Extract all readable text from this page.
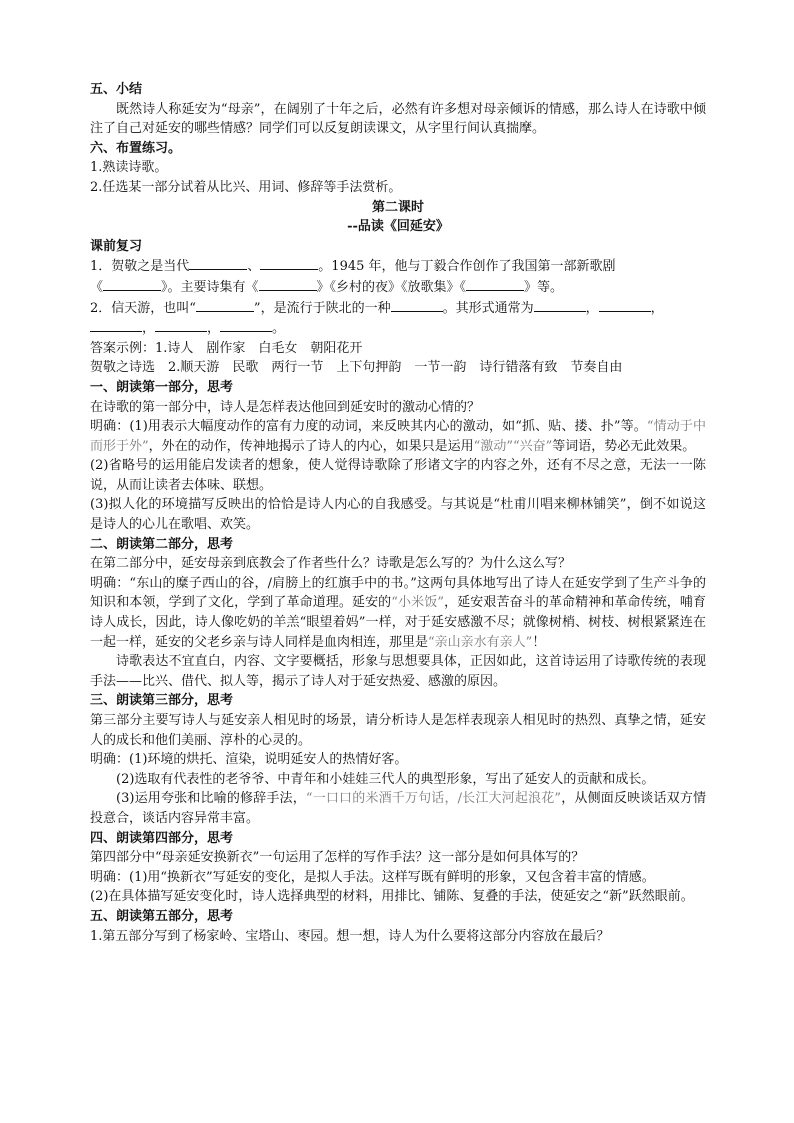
五、小结
既然诗人称延安为“母亲”，在阔别了十年之后，必然有许多想对母亲倾诉的情感，那么诗人在诗歌中倾注了自己对延安的哪些情感？同学们可以反复朗读课文，从字里行间认真揣摩。
六、布置练习。
1.熟读诗歌。
2.任选某一部分试着从比兴、用词、修辞等手法赏析。
第二课时
--品读《回延安》
课前复习
1．贺敬之是当代	、	。1945 年，他与丁毅合作创作了我国第一部新歌剧
《	》。主要诗集有《	》《乡村的夜》《放歌集》《	》等。
2．信天游，也叫“	”，是流行于陕北的一种	。其形式通常为	，	，
，	，	。
答案示例：1.诗人　剧作家　白毛女　朝阳花开
贺敬之诗选　2.顺天游　民歌　两行一节　上下句押韵　一节一韵　诗行错落有致　节奏自由
一、朗读第一部分，思考
在诗歌的第一部分中，诗人是怎样表达他回到延安时的激动心情的？
明确：(1)用表示大幅度动作的富有力度的动词，来反映其内心的激动，如“抓、贴、搂、扑”等。“情动于中而形于外”，外在的动作，传神地揭示了诗人的内心，如果只是运用“激动”“兴奋”等词语，势必无此效果。
(2)省略号的运用能启发读者的想象，使人觉得诗歌除了形诸文字的内容之外，还有不尽之意，无法一一陈说，从而让读者去体味、联想。
(3)拟人化的环境描写反映出的恰恰是诗人内心的自我感受。与其说是“杜甫川唱来柳林铺笑”，倒不如说这是诗人的心儿在歌唱、欢笑。
二、朗读第二部分，思考
在第二部分中，延安母亲到底教会了作者些什么？诗歌是怎么写的？为什么这么写？
明确：“东山的糜子西山的谷，/肩膀上的红旗手中的书。”这两句具体地写出了诗人在延安学到了生产斗争的知识和本领，学到了文化，学到了革命道理。延安的“小米饭”，延安艰苦奋斗的革命精神和革命传统，哺育诗人成长，因此，诗人像吃奶的羊羔“眼望着妈”一样，对于延安感激不尽；就像树梢、树枝、树根紧紧连在一起一样，延安的父老乡亲与诗人同样是血肉相连，那里是“亲山亲水有亲人”！
诗歌表达不宜直白，内容、文字要概括，形象与思想要具体，正因如此，这首诗运用了诗歌传统的表现手法——比兴、借代、拟人等，揭示了诗人对于延安热爱、感激的原因。
三、朗读第三部分，思考
第三部分主要写诗人与延安亲人相见时的场景，请分析诗人是怎样表现亲人相见时的热烈、真挚之情，延安人的成长和他们美丽、淳朴的心灵的。
明确：(1)环境的烘托、渲染，说明延安人的热情好客。
(2)选取有代表性的老爷爷、中青年和小娃娃三代人的典型形象，写出了延安人的贡献和成长。
(3)运用夸张和比喻的修辞手法，“一口口的米酒千万句话，/长江大河起浪花”，从侧面反映谈话双方情投意合，谈话内容异常丰富。
四、朗读第四部分，思考
第四部分中“母亲延安换新衣”一句运用了怎样的写作手法？这一部分是如何具体写的？
明确：(1)用“换新衣”写延安的变化，是拟人手法。这样写既有鲜明的形象，又包含着丰富的情感。
(2)在具体描写延安变化时，诗人选择典型的材料，用排比、铺陈、复叠的手法，使延安之“新”跃然眼前。
五、朗读第五部分，思考
1.第五部分写到了杨家岭、宝塔山、枣园。想一想，诗人为什么要将这部分内容放在最后？
